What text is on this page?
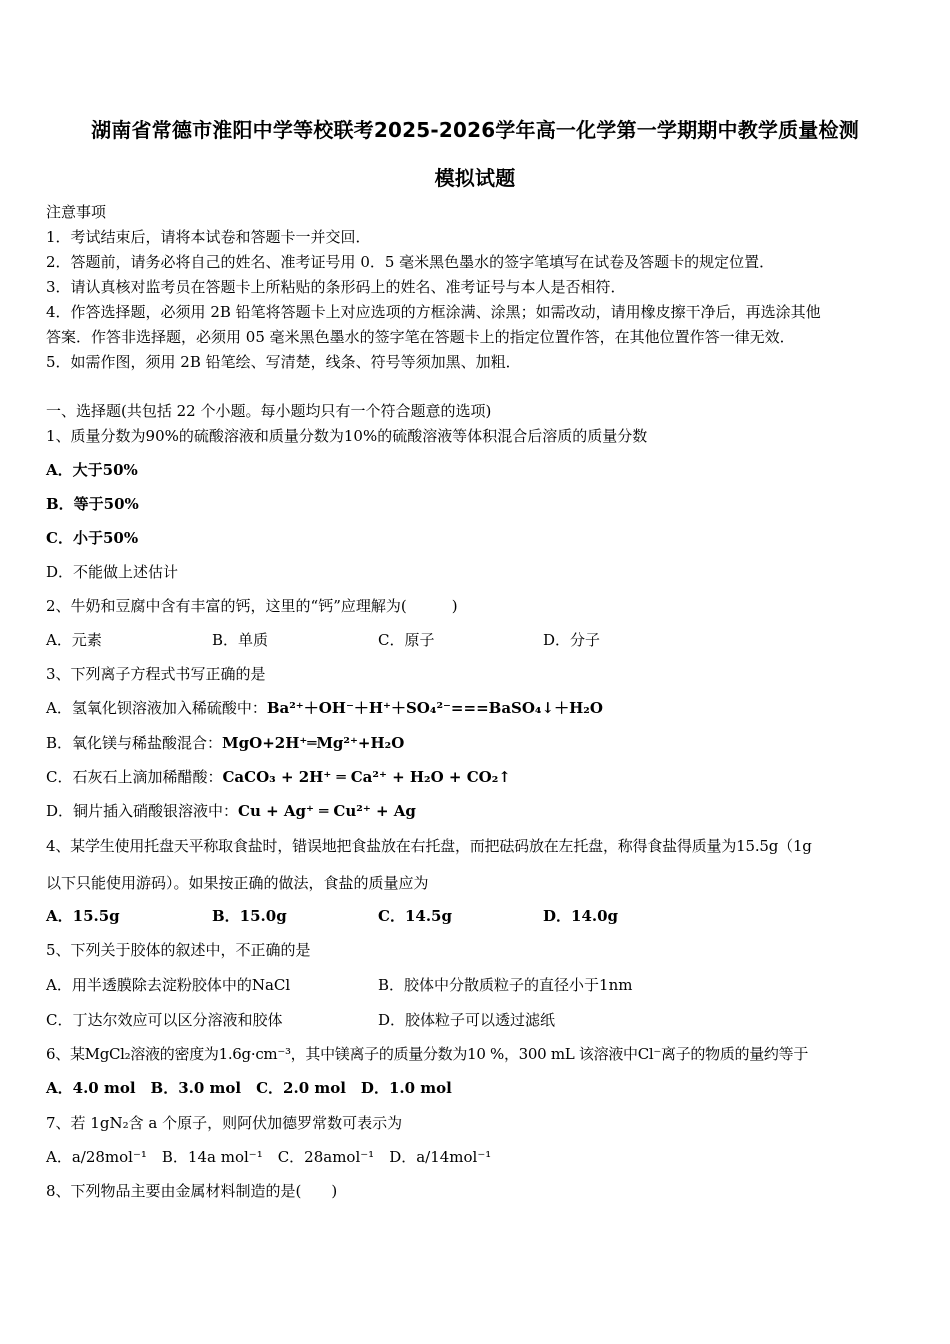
湖南省常德市淮阳中学等校联考2025-2026学年高一化学第一学期期中教学质量检测
模拟试题
注意事项
1．考试结束后，请将本试卷和答题卡一并交回．
2．答题前，请务必将自己的姓名、准考证号用 0．5 毫米黑色墨水的签字笔填写在试卷及答题卡的规定位置．
3．请认真核对监考员在答题卡上所粘贴的条形码上的姓名、准考证号与本人是否相符．
4．作答选择题，必须用 2B 铅笔将答题卡上对应选项的方框涂满、涂黑；如需改动，请用橡皮擦干净后，再选涂其他
答案．作答非选择题，必须用 05 毫米黑色墨水的签字笔在答题卡上的指定位置作答，在其他位置作答一律无效．
5．如需作图，须用 2B 铅笔绘、写清楚，线条、符号等须加黑、加粗．
一、选择题(共包括 22 个小题。每小题均只有一个符合题意的选项)
1、质量分数为90%的硫酸溶液和质量分数为10%的硫酸溶液等体积混合后溶质的质量分数
A．大于50%
B．等于50%
C．小于50%
D．不能做上述估计
2、牛奶和豆腐中含有丰富的钙，这里的“钙”应理解为(　　　)
A．元素	B．单质	C．原子	D．分子
3、下列离子方程式书写正确的是
A．氢氧化钡溶液加入稀硫酸中：Ba²⁺＋OH⁻＋H⁺＋SO₄²⁻===BaSO₄↓＋H₂O
B．氧化镁与稀盐酸混合：MgO+2H⁺═Mg²⁺+H₂O
C．石灰石上滴加稀醋酸：CaCO₃ + 2H⁺ ═ Ca²⁺ + H₂O + CO₂↑
D．铜片插入硝酸银溶液中：Cu + Ag⁺ ═ Cu²⁺ + Ag
4、某学生使用托盘天平称取食盐时，错误地把食盐放在右托盘，而把砝码放在左托盘，称得食盐得质量为15.5g（1g
以下只能使用游码）。如果按正确的做法，食盐的质量应为
A．15.5g	B．15.0g	C．14.5g	D．14.0g
5、下列关于胶体的叙述中，不正确的是
A．用半透膜除去淀粉胶体中的NaCl	B．胶体中分散质粒子的直径小于1nm
C．丁达尔效应可以区分溶液和胶体	D．胶体粒子可以透过滤纸
6、某MgCl₂溶液的密度为1.6g·cm⁻³，其中镁离子的质量分数为10 %，300 mL 该溶液中Cl⁻离子的物质的量约等于
A．4.0 mol　B．3.0 mol　C．2.0 mol　D．1.0 mol
7、若 1gN₂含 a 个原子，则阿伏加德罗常数可表示为
A．a/28mol⁻¹　B．14a mol⁻¹　C．28amol⁻¹　D．a/14mol⁻¹
8、下列物品主要由金属材料制造的是(　　)
